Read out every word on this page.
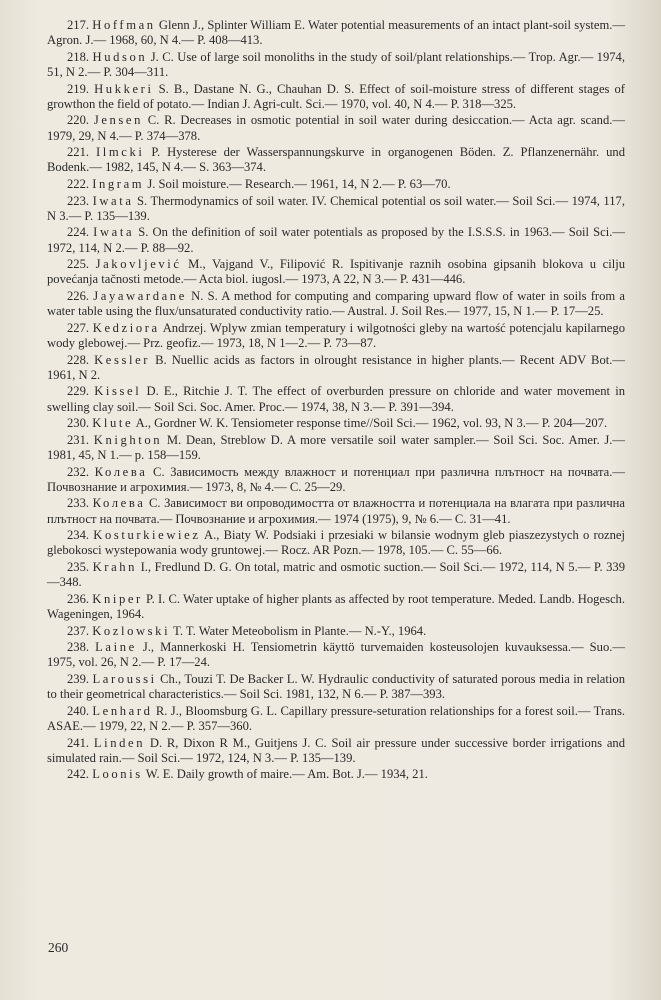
217. Hoffman Glenn J., Splinter William E. Water potential measurements of an intact plant-soil system.— Agron. J.— 1968, 60, N 4.— P. 408—413.

218. Hudson J. C. Use of large soil monoliths in the study of soil/plant relationships.— Trop. Agr.— 1974, 51, N 2.— P. 304—311.

219. Hukkeri S. B., Dastane N. G., Chauhan D. S. Effect of soil-moisture stress of different stages of growthon the field of potato.— Indian J. Agri-cult. Sci.— 1970, vol. 40, N 4.— P. 318—325.

220. Jensen C. R. Decreases in osmotic potential in soil water during desiccation.— Acta agr. scand.— 1979, 29, N 4.— P. 374—378.

221. Ilmcki P. Hysterese der Wasserspannungskurve in organogenen Böden. Z. Pflanzenernähr. und Bodenk.— 1982, 145, N 4.— S. 363—374.

222. Ingram J. Soil moisture.— Research.— 1961, 14, N 2.— P. 63—70.

223. Iwata S. Thermodynamics of soil water. IV. Chemical potential os soil water.— Soil Sci.— 1974, 117, N 3.— P. 135—139.

224. Iwata S. On the definition of soil water potentials as proposed by the I.S.S.S. in 1963.— Soil Sci.— 1972, 114, N 2.— P. 88—92.

225. Jakovljević M., Vajgand V., Filipović R. Ispitivanje raznih osobina gipsanih blokova u cilju povećanja tačnosti metode.— Acta biol. iugosl.— 1973, A 22, N 3.— P. 431—446.

226. Jayawardane N. S. A method for computing and comparing upward flow of water in soils from a water table using the flux/unsaturated conductivity ratio.— Austral. J. Soil Res.— 1977, 15, N 1.— P. 17—25.

227. Kedziora Andrzej. Wplyw zmian temperatury i wilgotności gleby na wartość potencjalu kapilarnego wody glebowej.— Prz. geofiz.— 1973, 18, N 1—2.— P. 73—87.

228. Kessler B. Nuellic acids as factors in olrought resistance in higher plants.— Recent ADV Bot.— 1961, N 2.

229. Kissel D. E., Ritchie J. T. The effect of overburden pressure on chloride and water movement in swelling clay soil.— Soil Sci. Soc. Amer. Proc.— 1974, 38, N 3.— P. 391—394.

230. Klute A., Gordner W. K. Tensiometer response time//Soil Sci.— 1962, vol. 93, N 3.— P. 204—207.

231. Knighton M. Dean, Streblow D. A more versatile soil water sampler.— Soil Sci. Soc. Amer. J.— 1981, 45, N 1.— p. 158—159.

232. Колева С. Зависимость между влажност и потенциал при различна плътност на почвата.— Почвознание и агрохимия.— 1973, 8, № 4.— С. 25—29.

233. Колева С. Зависимост ви опроводимостта от влажността и потенциала на влагата при различна плътност на почвата.— Почвознание и агрохимия.— 1974 (1975), 9, № 6.— С. 31—41.

234. Kosturkiewiez A., Biaty W. Podsiaki i przesiaki w bilansie wodnym gleb piaszezystych o roznej glebokosci wystepowania wody gruntowej.— Rocz. AR Pozn.— 1978, 105.— C. 55—66.

235. Krahn I., Fredlund D. G. On total, matric and osmotic suction.— Soil Sci.— 1972, 114, N 5.— P. 339—348.

236. Kniper P. I. C. Water uptake of higher plants as affected by root temperature. Meded. Landb. Hogesch. Wageningen, 1964.

237. Kozlowski T. T. Water Meteobolism in Plante.— N.-Y., 1964.

238. Laine J., Mannerkoski H. Tensiometrin käyttö turvemaiden kosteusolojen kuvauksessa.— Suo.— 1975, vol. 26, N 2.— P. 17—24.

239. Laroussi Ch., Touzi T. De Backer L. W. Hydraulic conductivity of saturated porous media in relation to their geometrical characteristics.— Soil Sci. 1981, 132, N 6.— P. 387—393.

240. Lenhard R. J., Bloomsburg G. L. Capillary pressure-seturation relationships for a forest soil.— Trans. ASAE.— 1979, 22, N 2.— P. 357—360.

241. Linden D. R, Dixon R M., Guitjens J. C. Soil air pressure under successive border irrigations and simulated rain.— Soil Sci.— 1972, 124, N 3.— P. 135—139.

242. Loonis W. E. Daily growth of maire.— Am. Bot. J.— 1934, 21.

260
